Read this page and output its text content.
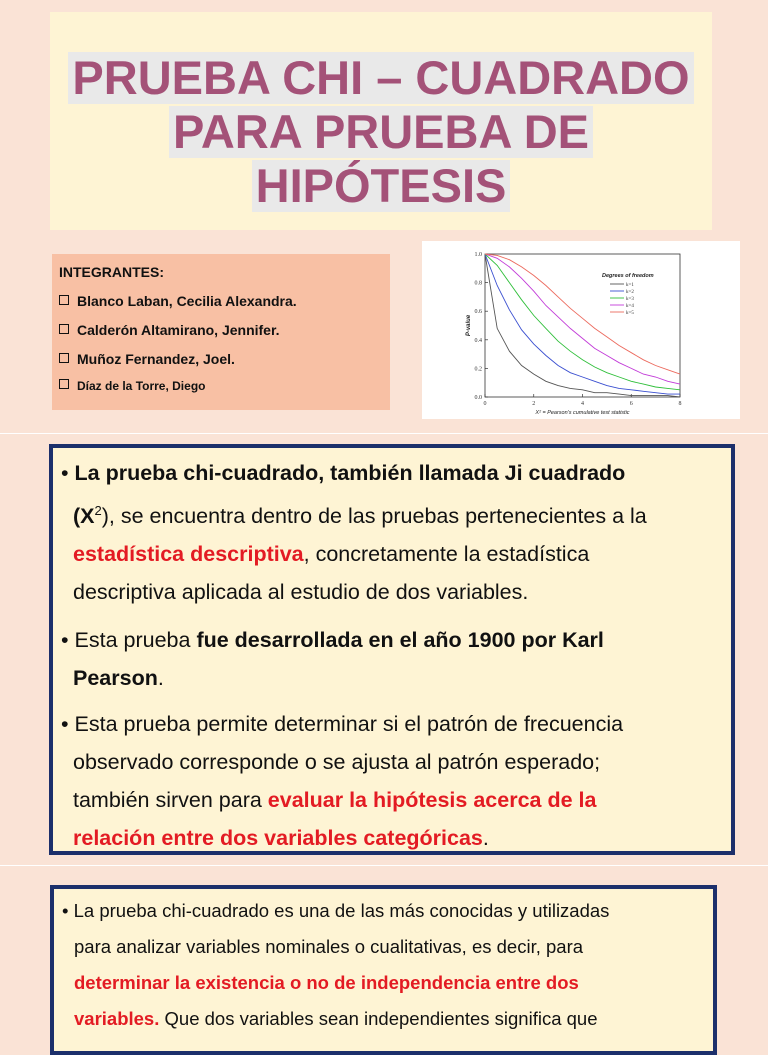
PRUEBA CHI – CUADRADO
PARA PRUEBA DE
HIPÓTESIS
INTEGRANTES:
Blanco Laban, Cecilia Alexandra.
Calderón Altamirano, Jennifer.
Muñoz Fernandez, Joel.
Díaz de la Torre, Diego
0	2	4	6	8
0.0
0.2
0.4
0.6
0.8
1.0
X² = Pearson's cumulative test statistic
P-value
Degrees of freedom
k=1
k=2
k=3
k=4
k=5
• La prueba chi-cuadrado, también llamada Ji cuadrado
$(X^2)$, se encuentra dentro de las pruebas pertenecientes a la
estadística descriptiva, concretamente la estadística
descriptiva aplicada al estudio de dos variables.
• Esta prueba fue desarrollada en el año 1900 por Karl
Pearson.
• Esta prueba permite determinar si el patrón de frecuencia
observado corresponde o se ajusta al patrón esperado;
también sirven para evaluar la hipótesis acerca de la
relación entre dos variables categóricas.
• La prueba chi-cuadrado es una de las más conocidas y utilizadas
para analizar variables nominales o cualitativas, es decir, para
determinar la existencia o no de independencia entre dos
variables. Que dos variables sean independientes significa que
